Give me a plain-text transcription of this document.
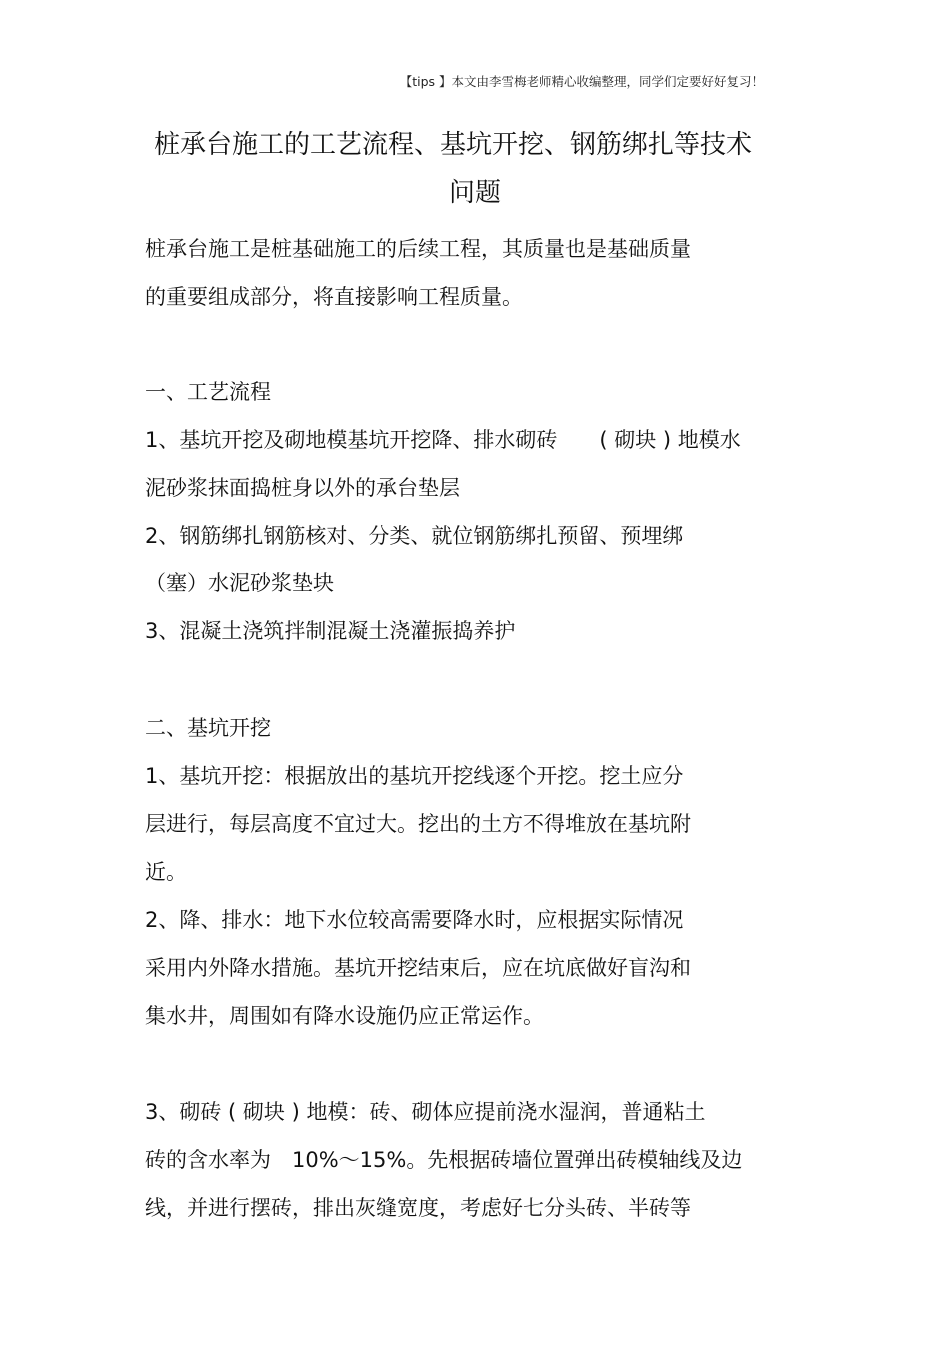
【tips 】本文由李雪梅老师精心收编整理，同学们定要好好复习！
桩承台施工的工艺流程、基坑开挖、钢筋绑扎等技术
问题
桩承台施工是桩基础施工的后续工程，其质量也是基础质量
的重要组成部分，将直接影响工程质量。
一、工艺流程
1、基坑开挖及砌地模基坑开挖降、排水砌砖　　( 砌块 ) 地模水
泥砂浆抹面捣桩身以外的承台垫层
2、钢筋绑扎钢筋核对、分类、就位钢筋绑扎预留、预埋绑
（塞）水泥砂浆垫块
3、混凝土浇筑拌制混凝土浇灌振捣养护
二、基坑开挖
1、基坑开挖：根据放出的基坑开挖线逐个开挖。挖土应分
层进行，每层高度不宜过大。挖出的土方不得堆放在基坑附
近。
2、降、排水：地下水位较高需要降水时，应根据实际情况
采用内外降水措施。基坑开挖结束后，应在坑底做好盲沟和
集水井，周围如有降水设施仍应正常运作。
3、砌砖 ( 砌块 ) 地模：砖、砌体应提前浇水湿润，普通粘土
砖的含水率为　10%～15%。先根据砖墙位置弹出砖模轴线及边
线，并进行摆砖，排出灰缝宽度，考虑好七分头砖、半砖等
